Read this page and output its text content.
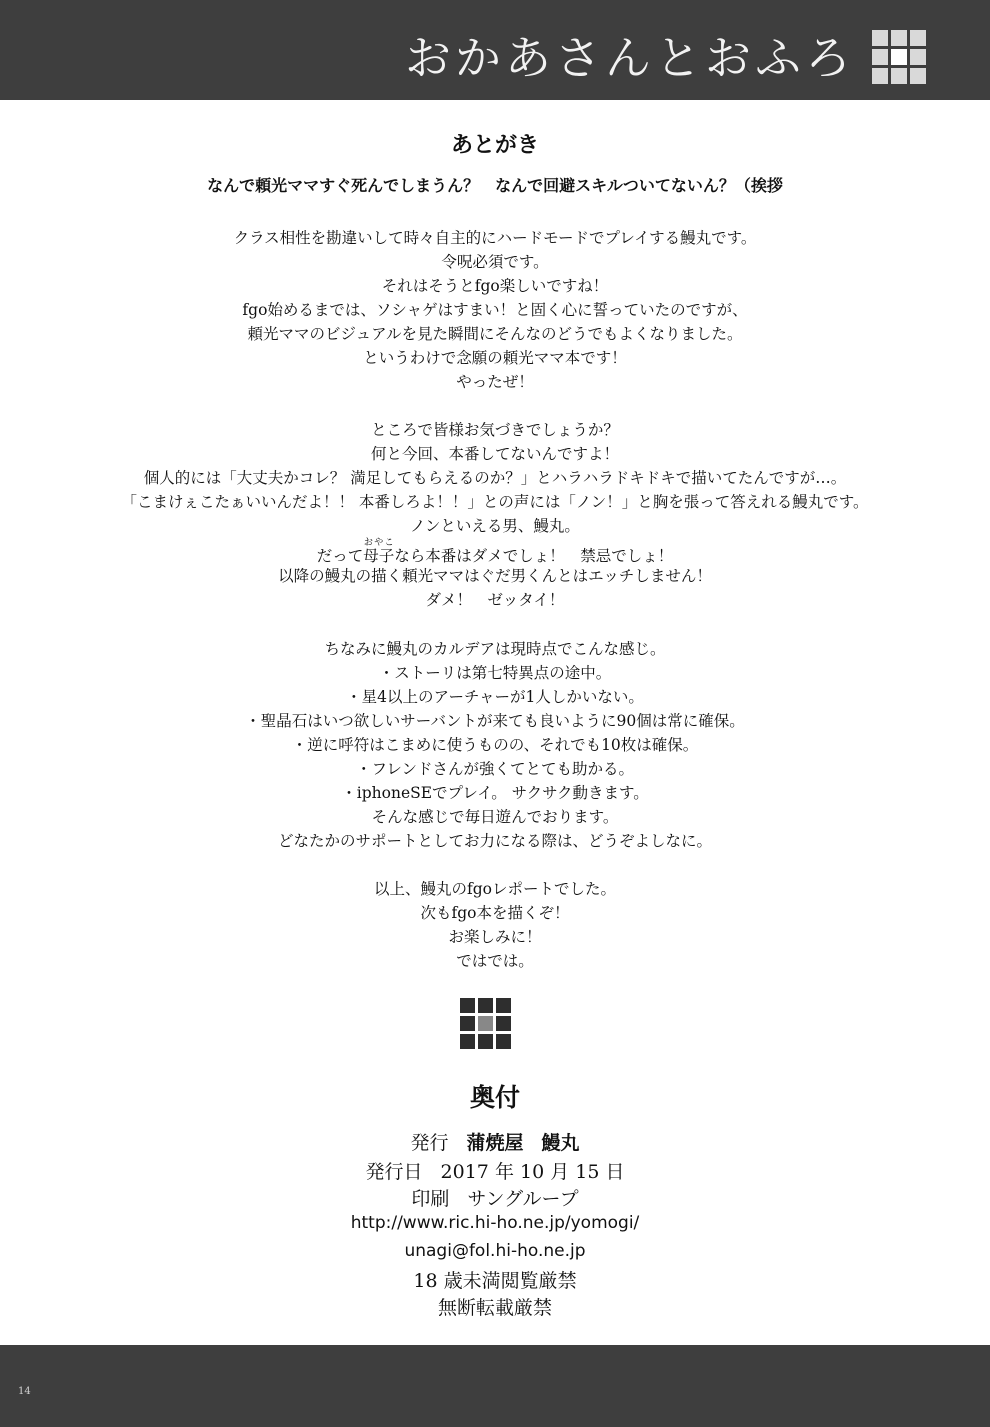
おかあさんとおふろ
あとがき
なんで頼光ママすぐ死んでしまうん？　なんで回避スキルついてないん？（挨拶
クラス相性を勘違いして時々自主的にハードモードでプレイする鰻丸です。
令呪必須です。
それはそうとfgo楽しいですね！
fgo始めるまでは、ソシャゲはすまい！と固く心に誓っていたのですが、
頼光ママのビジュアルを見た瞬間にそんなのどうでもよくなりました。
というわけで念願の頼光ママ本です！
やったぜ！
ところで皆様お気づきでしょうか？
何と今回、本番してないんですよ！
個人的には「大丈夫かコレ？ 満足してもらえるのか？」とハラハラドキドキで描いてたんですが…。
「こまけぇこたぁいいんだよ！！ 本番しろよ！！」との声には「ノン！」と胸を張って答えれる鰻丸です。
ノンといえる男、鰻丸。
だって母子おやこなら本番はダメでしょ！　禁忌でしょ！
以降の鰻丸の描く頼光ママはぐだ男くんとはエッチしません！
ダメ！　ゼッタイ！
ちなみに鰻丸のカルデアは現時点でこんな感じ。
・ストーリは第七特異点の途中。
・星4以上のアーチャーが1人しかいない。
・聖晶石はいつ欲しいサーバントが来ても良いように90個は常に確保。
・逆に呼符はこまめに使うものの、それでも10枚は確保。
・フレンドさんが強くてとても助かる。
・iphoneSEでプレイ。 サクサク動きます。
そんな感じで毎日遊んでおります。
どなたかのサポートとしてお力になる際は、どうぞよしなに。
以上、鰻丸のfgoレポートでした。
次もfgo本を描くぞ！
お楽しみに！
ではでは。
奥付
発行 蒲焼屋 鰻丸
発行日 2017 年 10 月 15 日
印刷 サングループ
http://www.ric.hi-ho.ne.jp/yomogi/
unagi@fol.hi-ho.ne.jp
18 歳未満閲覧厳禁
無断転載厳禁
14
